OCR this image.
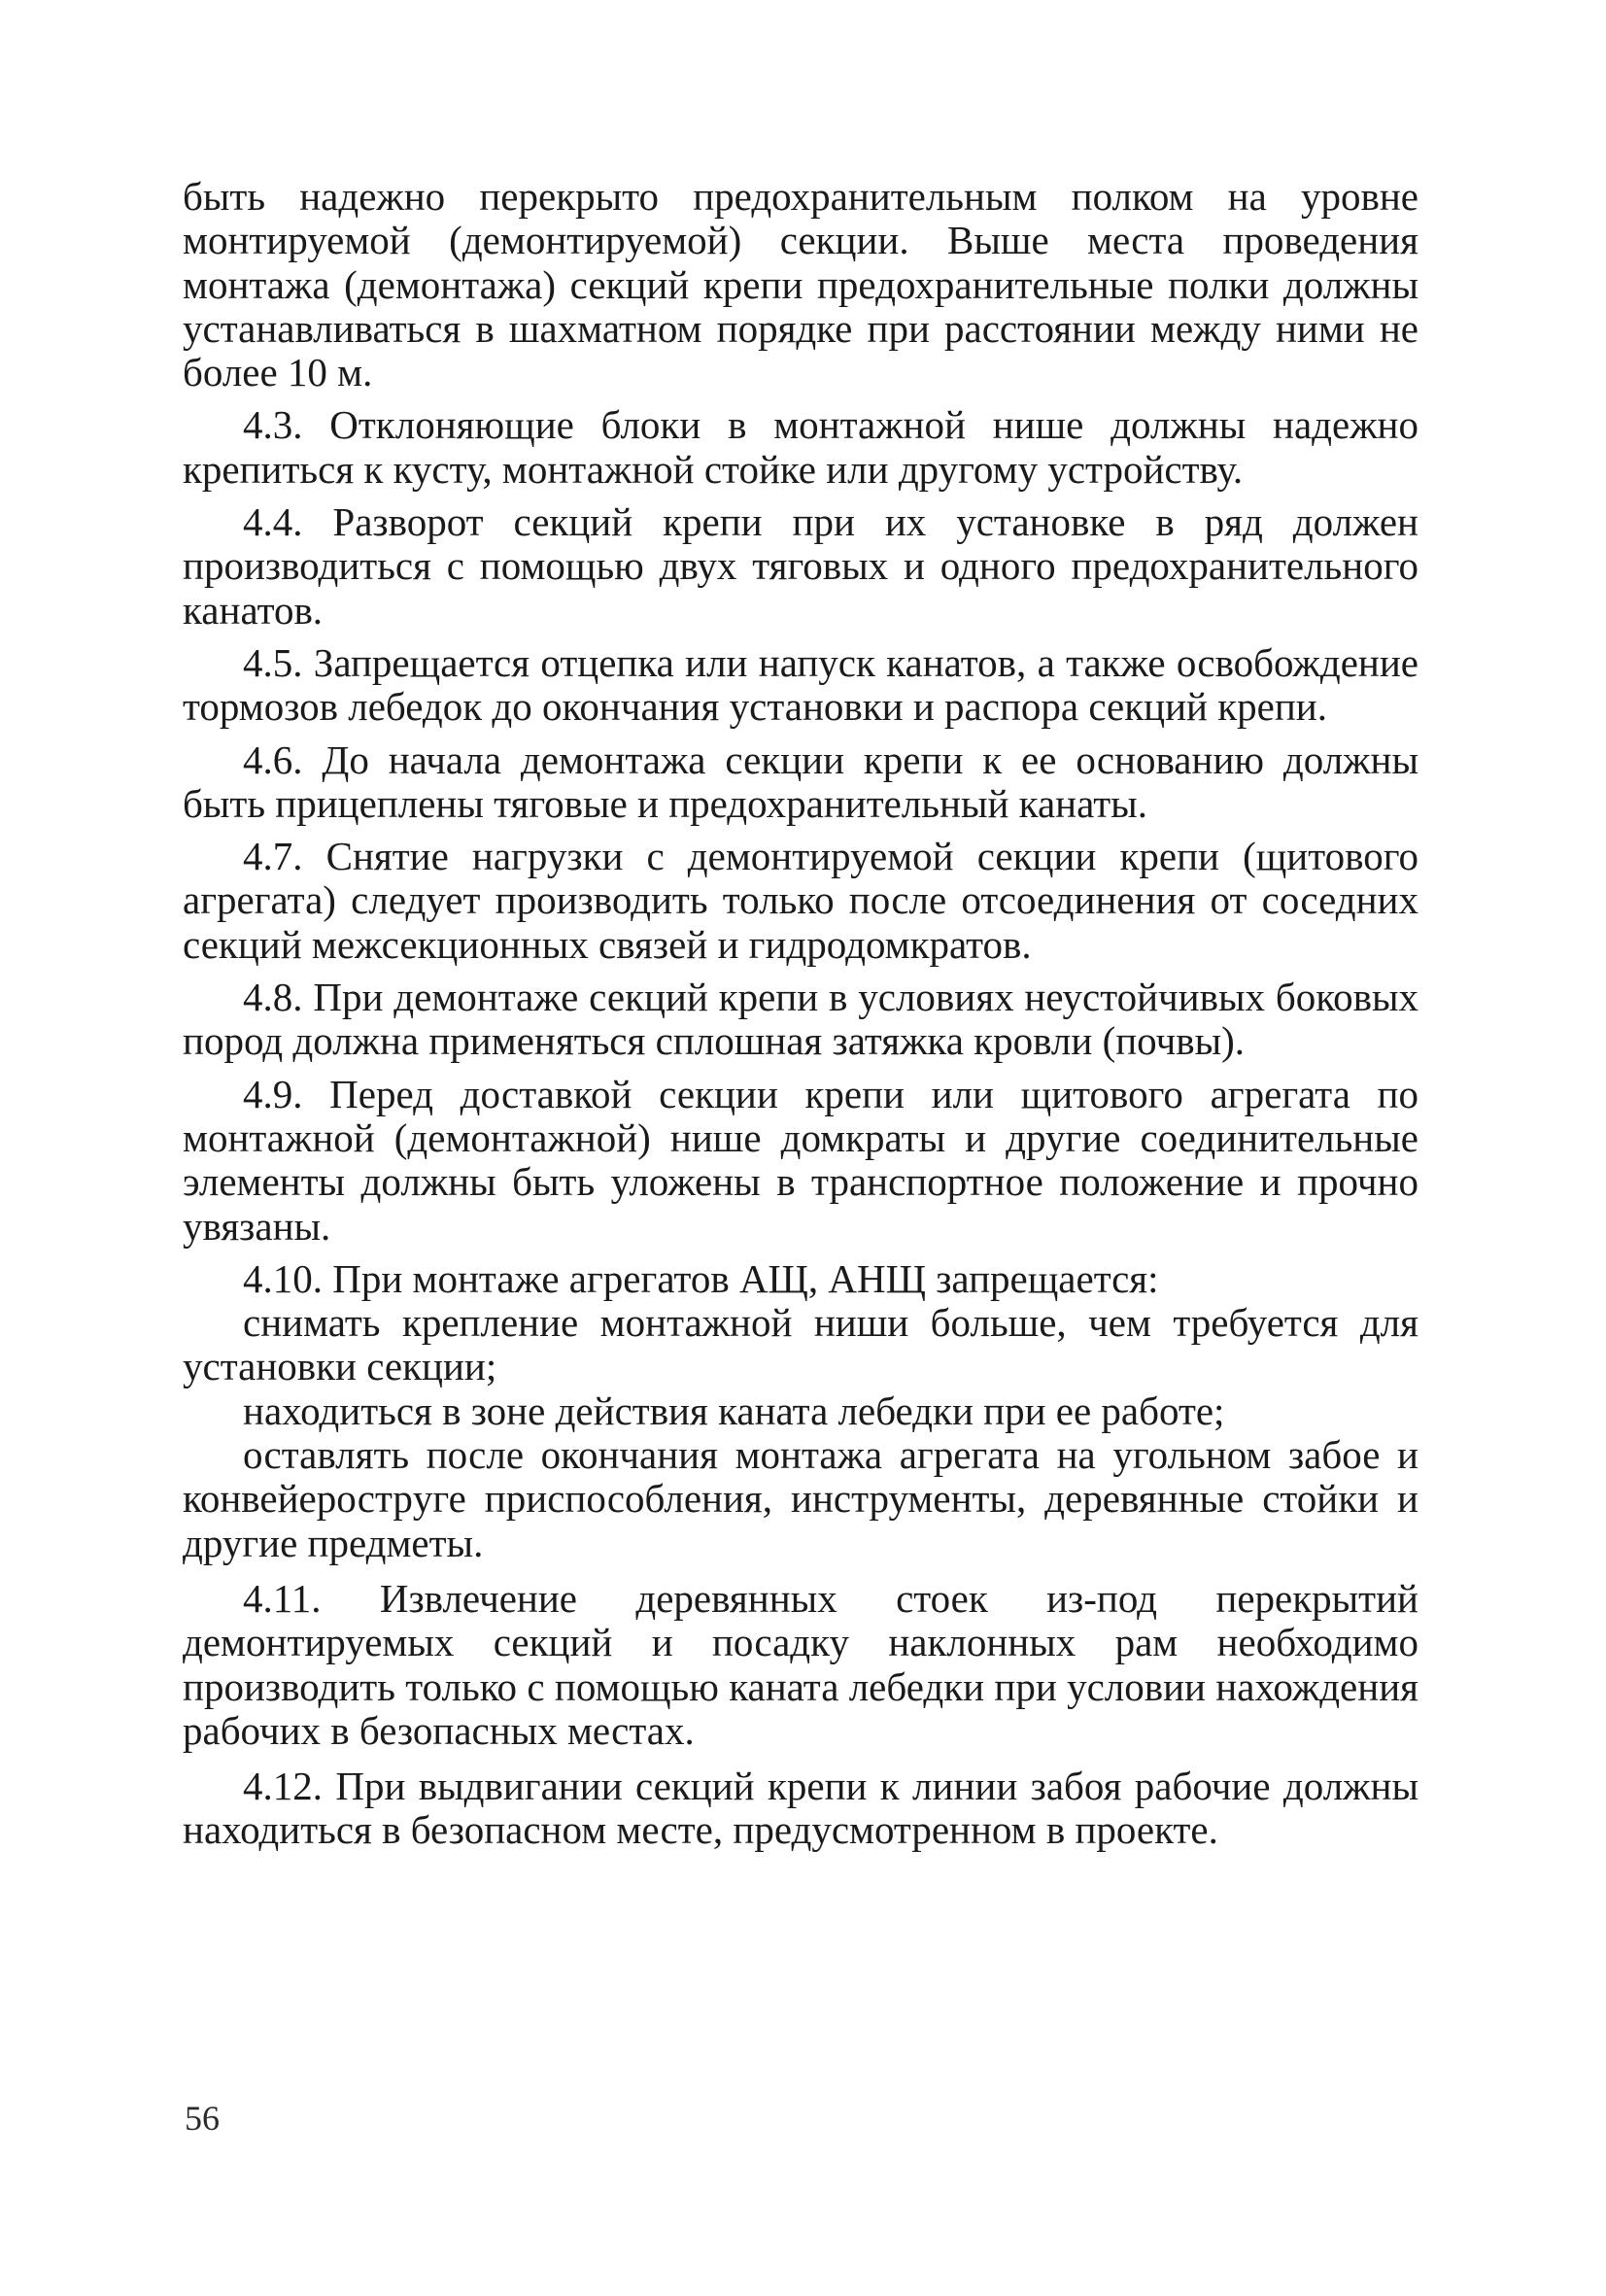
быть надежно перекрыто предохранительным полком на уровне монтируемой (демонтируемой) секции. Выше места проведения монтажа (демонтажа) секций крепи предохранительные полки должны устанавливаться в шахматном порядке при расстоянии между ними не более 10 м.

4.3. Отклоняющие блоки в монтажной нише должны надежно крепиться к кусту, монтажной стойке или другому устройству.

4.4. Разворот секций крепи при их установке в ряд должен производиться с помощью двух тяговых и одного предохранительного канатов.

4.5. Запрещается отцепка или напуск канатов, а также освобождение тормозов лебедок до окончания установки и распора секций крепи.

4.6. До начала демонтажа секции крепи к ее основанию должны быть прицеплены тяговые и предохранительный канаты.

4.7. Снятие нагрузки с демонтируемой секции крепи (щитового агрегата) следует производить только после отсоединения от соседних секций межсекционных связей и гидродомкратов.

4.8. При демонтаже секций крепи в условиях неустойчивых боковых пород должна применяться сплошная затяжка кровли (почвы).

4.9. Перед доставкой секции крепи или щитового агрегата по монтажной (демонтажной) нише домкраты и другие соединительные элементы должны быть уложены в транспортное положение и прочно увязаны.

4.10. При монтаже агрегатов АЩ, АНЩ запрещается:

снимать крепление монтажной ниши больше, чем требуется для установки секции;
находиться в зоне действия каната лебедки при ее работе;
оставлять после окончания монтажа агрегата на угольном забое и конвейерострyге приспособления, инструменты, деревянные стойки и другие предметы.

4.11. Извлечение деревянных стоек из-под перекрытий демонтируемых секций и посадку наклонных рам необходимо производить только с помощью каната лебедки при условии нахождения рабочих в безопасных местах.

4.12. При выдвигании секций крепи к линии забоя рабочие должны находиться в безопасном месте, предусмотренном в проекте.

56
